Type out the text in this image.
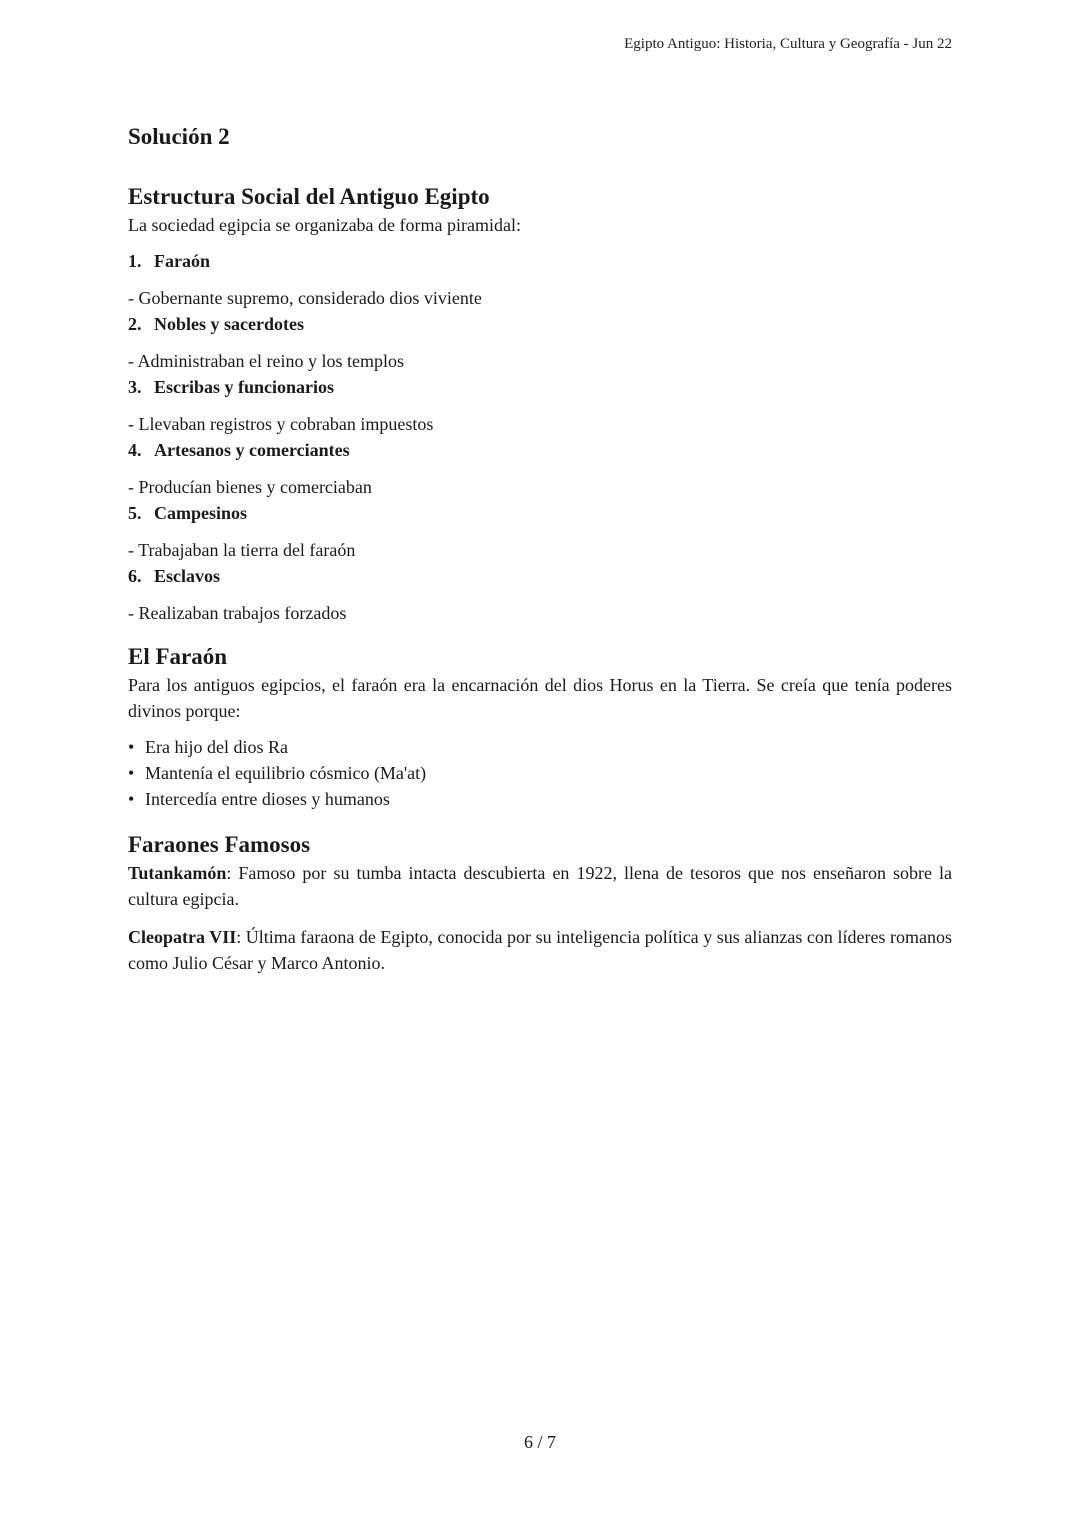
Egipto Antiguo: Historia, Cultura y Geografía - Jun 22
Solución 2
Estructura Social del Antiguo Egipto

La sociedad egipcia se organizaba de forma piramidal:

1. Faraón
- Gobernante supremo, considerado dios viviente
2. Nobles y sacerdotes
- Administraban el reino y los templos
3. Escribas y funcionarios
- Llevaban registros y cobraban impuestos
4. Artesanos y comerciantes
- Producían bienes y comerciaban
5. Campesinos
- Trabajaban la tierra del faraón
6. Esclavos
- Realizaban trabajos forzados
El Faraón

Para los antiguos egipcios, el faraón era la encarnación del dios Horus en la Tierra. Se creía que tenía poderes divinos porque:

• Era hijo del dios Ra
• Mantenía el equilibrio cósmico (Ma'at)
• Intercedía entre dioses y humanos
Faraones Famosos

Tutankamón: Famoso por su tumba intacta descubierta en 1922, llena de tesoros que nos enseñaron sobre la cultura egipcia.

Cleopatra VII: Última faraona de Egipto, conocida por su inteligencia política y sus alianzas con líderes romanos como Julio César y Marco Antonio.

6 / 7
